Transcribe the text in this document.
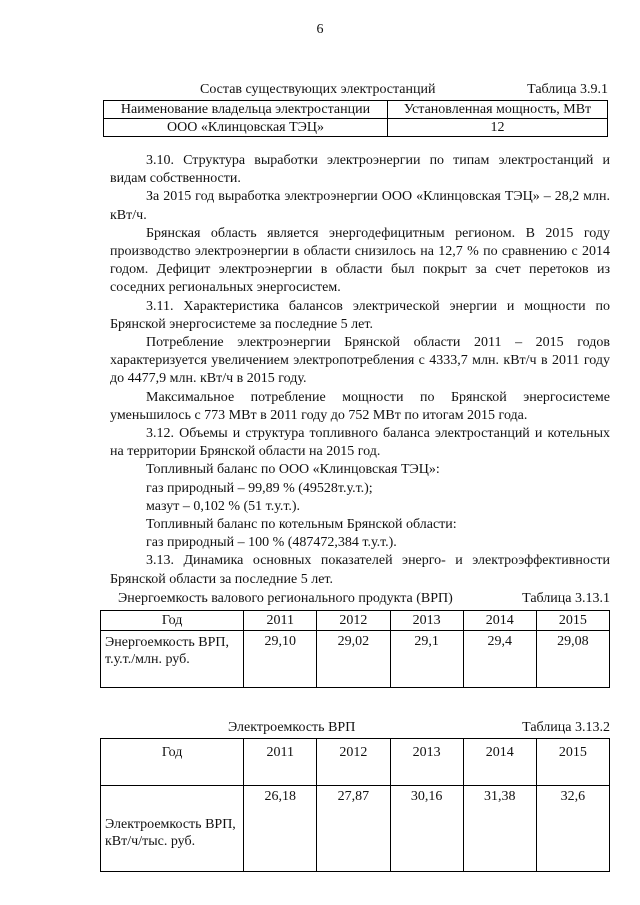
6
Состав существующих электростанций	Таблица 3.9.1
Наименование владельца электростанции	Установленная мощность, МВт
ООО «Клинцовская ТЭЦ»	12

3.10. Структура выработки электроэнергии по типам электростанций и видам собственности.

За 2015 год выработка электроэнергии ООО «Клинцовская ТЭЦ» – 28,2 млн. кВт/ч.

Брянская область является энергодефицитным регионом. В 2015 году производство электроэнергии в области снизилось на 12,7 % по сравнению с 2014 годом. Дефицит электроэнергии в области был покрыт за счет перетоков из соседних региональных энергосистем.

3.11. Характеристика балансов электрической энергии и мощности по Брянской энергосистеме за последние 5 лет.

Потребление электроэнергии Брянской области 2011 – 2015 годов характеризуется увеличением электропотребления с 4333,7 млн. кВт/ч в 2011 году до 4477,9 млн. кВт/ч в 2015 году.

Максимальное потребление мощности по Брянской энергосистеме уменьшилось с 773 МВт в 2011 году до 752 МВт по итогам 2015 года.

3.12. Объемы и структура топливного баланса электростанций и котельных на территории Брянской области на 2015 год.

Топливный баланс по ООО «Клинцовская ТЭЦ»:

газ природный – 99,89 % (49528т.у.т.);

мазут – 0,102 % (51 т.у.т.).

Топливный баланс по котельным Брянской области:

газ природный – 100 % (487472,384 т.у.т.).

3.13. Динамика основных показателей энерго- и электроэффективности Брянской области за последние 5 лет.

Энергоемкость валового регионального продукта (ВРП)	Таблица 3.13.1
Год	2011	2012	2013	2014	2015
Энергоемкость ВРП, т.у.т./млн. руб.	29,10	29,02	29,1	29,4	29,08
Электроемкость ВРП	Таблица 3.13.2
Год	2011	2012	2013	2014	2015
Электроемкость ВРП, кВт/ч/тыс. руб.	26,18	27,87	30,16	31,38	32,6
